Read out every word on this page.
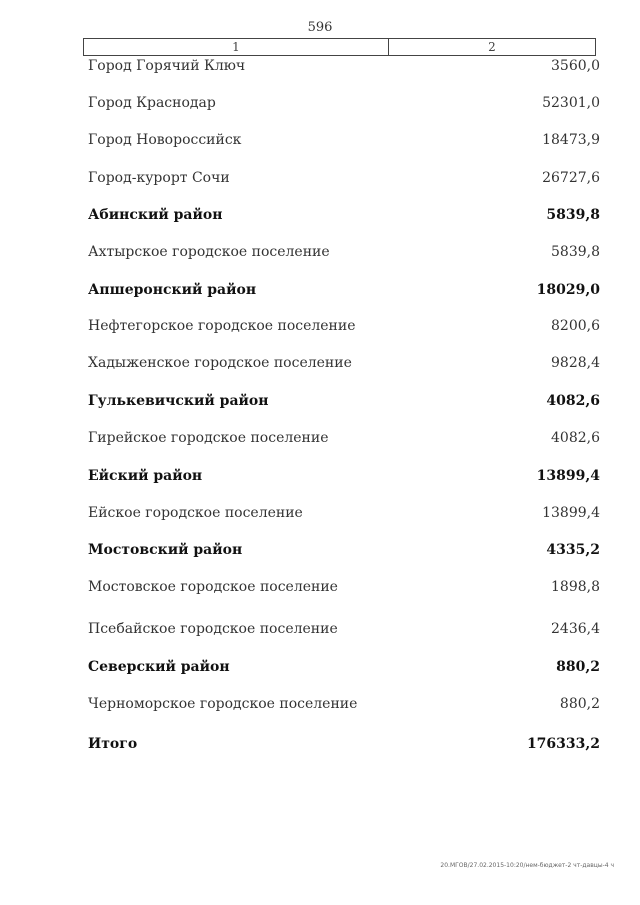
596
1	2
Город Горячий Ключ	3560,0
Город Краснодар	52301,0
Город Новороссийск	18473,9
Город-курорт Сочи	26727,6
Абинский район	5839,8
Ахтырское городское поселение	5839,8
Апшеронский район	18029,0
Нефтегорское городское поселение	8200,6
Хадыженское городское поселение	9828,4
Гулькевичский район	4082,6
Гирейское городское поселение	4082,6
Ейский район	13899,4
Ейское городское поселение	13899,4
Мостовский район	4335,2
Мостовское городское поселение	1898,8
Псебайское городское поселение	2436,4
Северский район	880,2
Черноморское городское поселение	880,2
Итого	176333,2
20.МГОВ/27.02.2015-10:20/нем-бюджет-2 чт-давцы-4 ч
